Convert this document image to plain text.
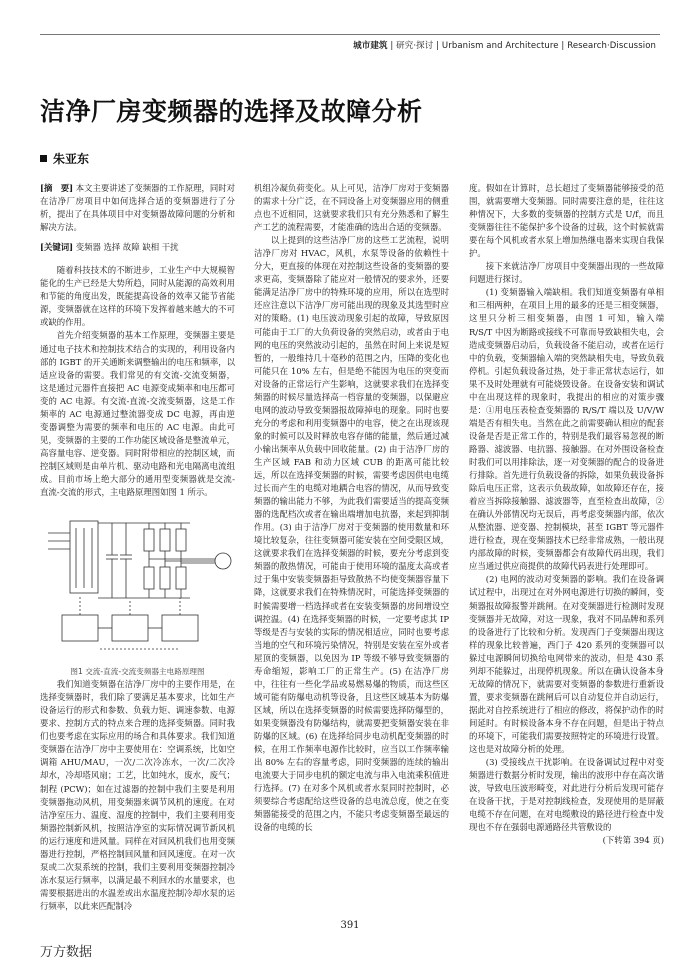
城市建筑 | 研究·探讨 | Urbanism and Architecture | Research·Discussion
洁净厂房变频器的选择及故障分析
朱亚东

[摘　要] 本文主要讲述了变频器的工作原理，同时对在洁净厂房项目中如何选择合适的变频器进行了分析，提出了在具体项目中对变频器故障问题的分析和解决方法。

[关键词] 变频器 选择 故障 缺相 干扰

随着科技技术的不断进步，工业生产中大规模智能化的生产已经是大势所趋，同时从能源的高效利用和节能的角度出发，既能提高设备的效率又能节省能源，变频器就在这样的环境下发挥着越来越大的不可或缺的作用。

首先介绍变频器的基本工作原理，变频器主要是通过电子技术和控制技术结合的实现的，利用设备内部的 IGBT 的开关通断来调整输出的电压和频率，以适应设备的需要。我们常见的有交流-交流变频器，这是通过元器件直接把 AC 电源变成频率和电压都可变的 AC 电源。有交流-直流-交流变频器，这是工作频率的 AC 电源通过整流器变成 DC 电源，再由逆变器调整为需要的频率和电压的 AC 电源。由此可见，变频器的主要的工作功能区域设备是整流单元，高容量电容、逆变器。同时附带相应的控制区域，而控制区域则是由单片机、驱动电路和光电隔离电流组成。目前市场上绝大部分的通用型变频器就是交流-直流-交流的形式，主电路原理图如图 1 所示。

图1 交流-直流-交流变频器主电路原理图

我们知道变频器在洁净厂房中的主要作用是，在选择变频器时，我们除了要满足基本要求，比如生产设备运行的形式和参数、负载力矩、调速参数、电源要求、控制方式的特点来合理的选择变频器。同时我们也要考虑在实际应用的场合和具体要求。我们知道变频器在洁净厂房中主要使用在：空调系统，比如空调箱 AHU/MAU，一次/二次冷冻水，一次/二次冷却水，冷却塔风扇；工艺，比如纯水，废水，废气；制程 (PCW)；如在过滤器的控制中我们主要是利用变频器拖动风机，用变频器来调节风机的速度。在对洁净室压力、温度、湿度的控制中，我们主要利用变频器控制新风机，按照洁净室的实际情况调节新风机的运行速度和进风量。同样在对回风机我们也用变频器进行控制，严格控制回风量和回风速度。在对一次泵或二次泵系统的控制，我们主要利用变频器控制冷冻水泵运行频率，以满足最不利回水的水量要求，也需要根据进出的水温差或出水温度控制冷却水泵的运行频率，以此来匹配制冷

机组冷凝负荷变化。从上可见，洁净厂房对于变频器的需求十分广泛，在不同设备上对变频器应用的侧重点也不近相同，这就要求我们只有充分熟悉和了解生产工艺的流程需要，才能准确的选出合适的变频器。

以上提到的这些洁净厂房的这些工艺流程，说明洁净厂房对 HVAC，风机，水泵等设备的依赖性十分大，更直接的体现在对控制这些设备的变频器的要求更高，变频器除了能应对一般情况的要求外，还要能满足洁净厂房中的特殊环境的应用，所以在选型时还应注意以下洁净厂房可能出现的现象及其选型时应对的策略。(1) 电压波动现象引起的故障，导致原因可能由于工厂的大负荷设备的突然启动，或者由于电网的电压的突然波动引起的，虽然在时间上来说是短暂的，一般维持几十毫秒的范围之内，压降的变化也可能只在 10% 左右，但是绝不能因为电压的突变而对设备的正常运行产生影响，这就要求我们在选择变频器的时候尽量选择高一档容量的变频器，以保避应电网的波动导致变频器报故障掉电的现象。同时也要充分的考虑和利用变频器中的电容，使之在出现该现象的时候可以及时释放电容存储的能量，然后通过减小输出频率从负载中回收能量。(2) 由于洁净厂房的生产区域 FAB 和动力区域 CUB 的距离可能比较远，所以在选择变频器的时候，需要考虑因供电电缆过长而产生的电缆对地耦合电容的情况，从而导致变频器的输出能力不够，为此我们需要适当的提高变频器的选配档次或者在输出端增加电抗器，来起到抑制作用。(3) 由于洁净厂房对于变频器的使用数量和环境比较复杂，往往变频器可能安装在空间受限区域，这就要求我们在选择变频器的时候，要充分考虑到变频器的散热情况，可能由于使用环境的温度太高或者过于集中安装变频器拒导致散热不均使变频器容量下降，这就要求我们在特殊情况时，可能选择变频器的时候需要增一档选择或者在安装变频器的房间增设空调控温。(4) 在选择变频器的时候，一定要考虑其 IP 等级是否与安装的实际的情况相适应，同时也要考虑当地的空气和环境污染情况，特别是安装在室外或者屋顶的变频器，以免因为 IP 等级不够导致变频器的寿命缩短，影响工厂的正常生产。(5) 在洁净厂房中，往往有一些化学品或易燃易爆的物质，而这些区域可能有防爆电动机等设备，且这些区域基本为防爆区域，所以在选择变频器的时候需要选择防爆型的，如果变频器没有防爆结构，就需要把变频器安装在非防爆的区域。(6) 在选择给同步电动机配变频器的时候，在用工作频率电源作比较时，应当以工作频率输出 80% 左右的容量考虑，同时变频器的连续的输出电流要大于同步电机的额定电流与串入电流乘积值进行选择。(7) 在对多个风机或者水泵同时控制时，必须要综合考虑配给这些设备的总电流总度，使之在变频器能接受的范围之内，不能只考虑变频器至最远的设备的电缆的长

度。假如在计算时，总长超过了变频器能够接受的范围，就需要增大变频器。同时需要注意的是，往往这种情况下，大多数的变频器的控制方式是 U/f，而且变频器往往不能保护多个设备的过载，这个时候就需要在每个风机或者水泵上增加热继电器来实现自我保护。

接下来就洁净厂房项目中变频器出现的一些故障问题进行探讨。

(1) 变频器输入端缺相。我们知道变频器有单相和三相两种，在项目上用的最多的还是三相变频器，这里只分析三相变频器，由图 1 可知，输入端 R/S/T 中因为断路或接线不可靠而导致缺相失电，会造成变频器启动后，负载设备不能启动，或者在运行中的负载，变频器输入端的突然缺相失电，导致负载停机。引起负载设备过热，处于非正常状态运行，如果不及时处理就有可能烧毁设备。在设备安装和调试中在出现这样的现象时，我提出的相应的对策步骤是：①用电压表检查变频器的 R/S/T 端以及 U/V/W 端是否有相失电。当然在此之前需要确认相应的配套设备是否是正常工作的，特别是我们最容易忽视的断路器、滤波器、电抗器、接触器。在对外围设备检查时我们可以用排除法，逐一对变频器的配合的设备进行排除。首先进行负载设备的拆除，如果负载设备拆除后电压正常，这表示负载故障，如故障还存在，接着应当拆除接触器、滤波器等，直至检查出故障，②在确认外部情况均无误后，再考虑变频器内部，依次从整流器、逆变器、控制模块，甚至 IGBT 等元器件进行检查，现在变频器技术已经非常成熟，一般出现内部故障的时候，变频器都会有故障代码出现，我们应当通过供应商提供的故障代码表进行处理即可。

(2) 电网的波动对变频器的影响。我们在设备调试过程中，出现过在对外网电源进行切换的瞬间，变频器报故障报警并跳闸。在对变频器进行检测时发现变频器并无故障，对这一现象，我对不同品牌和系列的设备进行了比较和分析。发现西门子变频器出现这样的现象比较普遍，西门子 420 系列的变频器可以躲过电源瞬间切换给电网带来的波动，但是 430 系列却不能躲过，出现停机现象。所以在确认设备本身无故障的情况下，就需要对变频器的参数进行重新设置，要求变频器在跳闸后可以自动复位并自动运行，据此对自控系统进行了相应的修改，将保护动作的时间延时。有时候设备本身不存在问题，但是出于特点的环境下，可能我们需要按照特定的环境进行设置。这也是对故障分析的处理。

(3) 受接线点干扰影响。在设备调试过程中对变频器进行数据分析时发现，输出的波形中存在高次谐波，导致电压波形畸变，对此进行分析后发现可能存在设备干扰，于是对控制线检查，发现使用的是屏蔽电缆不存在问题，在对电缆敷设的路径进行检查中发现也不存在强弱电源通路径共管敷设的

(下转第 394 页)

391
万方数据
